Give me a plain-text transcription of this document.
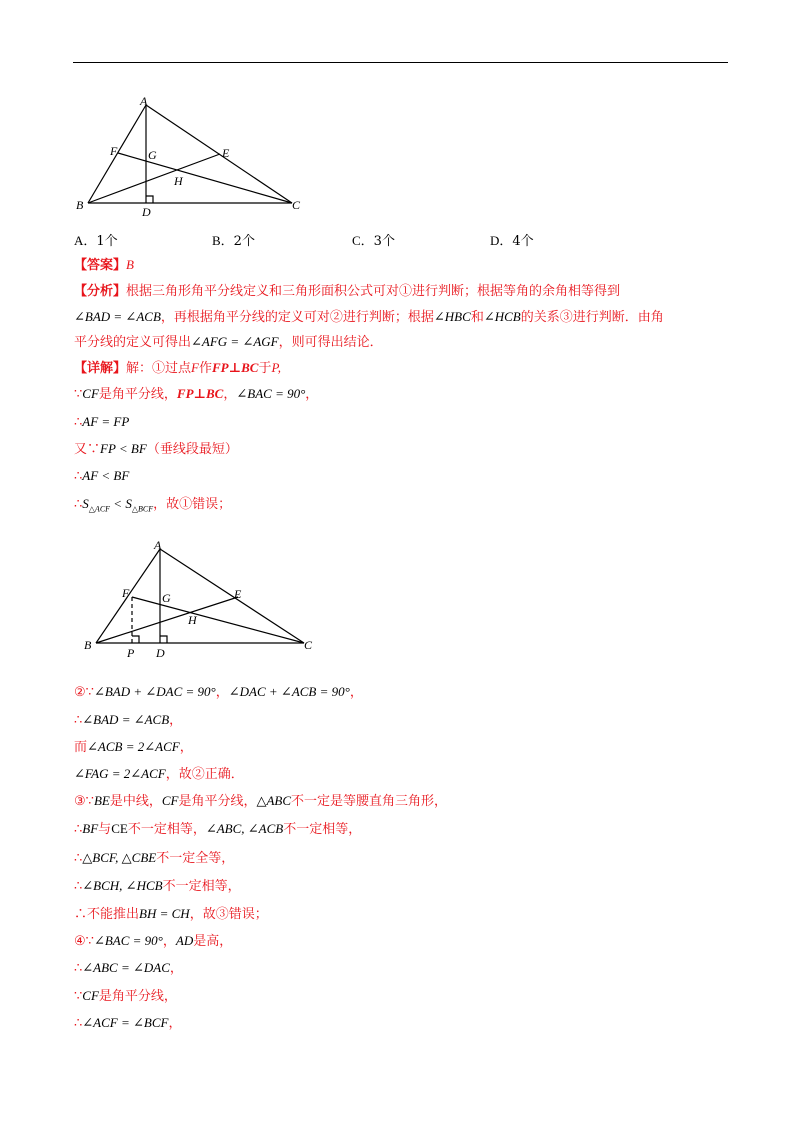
A
B	C
D
E
F	G
H
A．1个	B．2个	C．3个	D．4个
【答案】B
【分析】根据三角形角平分线定义和三角形面积公式可对①进行判断；根据等角的余角相等得到
∠BAD = ∠ACB，再根据角平分线的定义可对②进行判断；根据∠HBC和∠HCB的关系③进行判断．由角
平分线的定义可得出∠AFG = ∠AGF，则可得出结论．
【详解】解：①过点F作FP⊥BC于P,
∵CF是角平分线，FP⊥BC，∠BAC = 90°，
∴AF = FP
又∵FP < BF（垂线段最短）
∴AF < BF
$\therefore S_{\triangle ACF} < S_{\triangle BCF}$，故①错误；
A
B	C
D
E
F	G
H
P
②∵∠BAD + ∠DAC = 90°，∠DAC + ∠ACB = 90°，
∴∠BAD = ∠ACB，
而∠ACB = 2∠ACF，
∠FAG = 2∠ACF，故②正确．
③∵BE是中线，CF是角平分线，△ABC不一定是等腰直角三角形，
∴BF与CE不一定相等，∠ABC, ∠ACB不一定相等，
∴△BCF, △CBE不一定全等，
∴∠BCH, ∠HCB不一定相等，
∴不能推出BH = CH，故③错误；
④∵∠BAC = 90°，AD是高，
∴∠ABC = ∠DAC，
∵CF是角平分线，
∴∠ACF = ∠BCF，
